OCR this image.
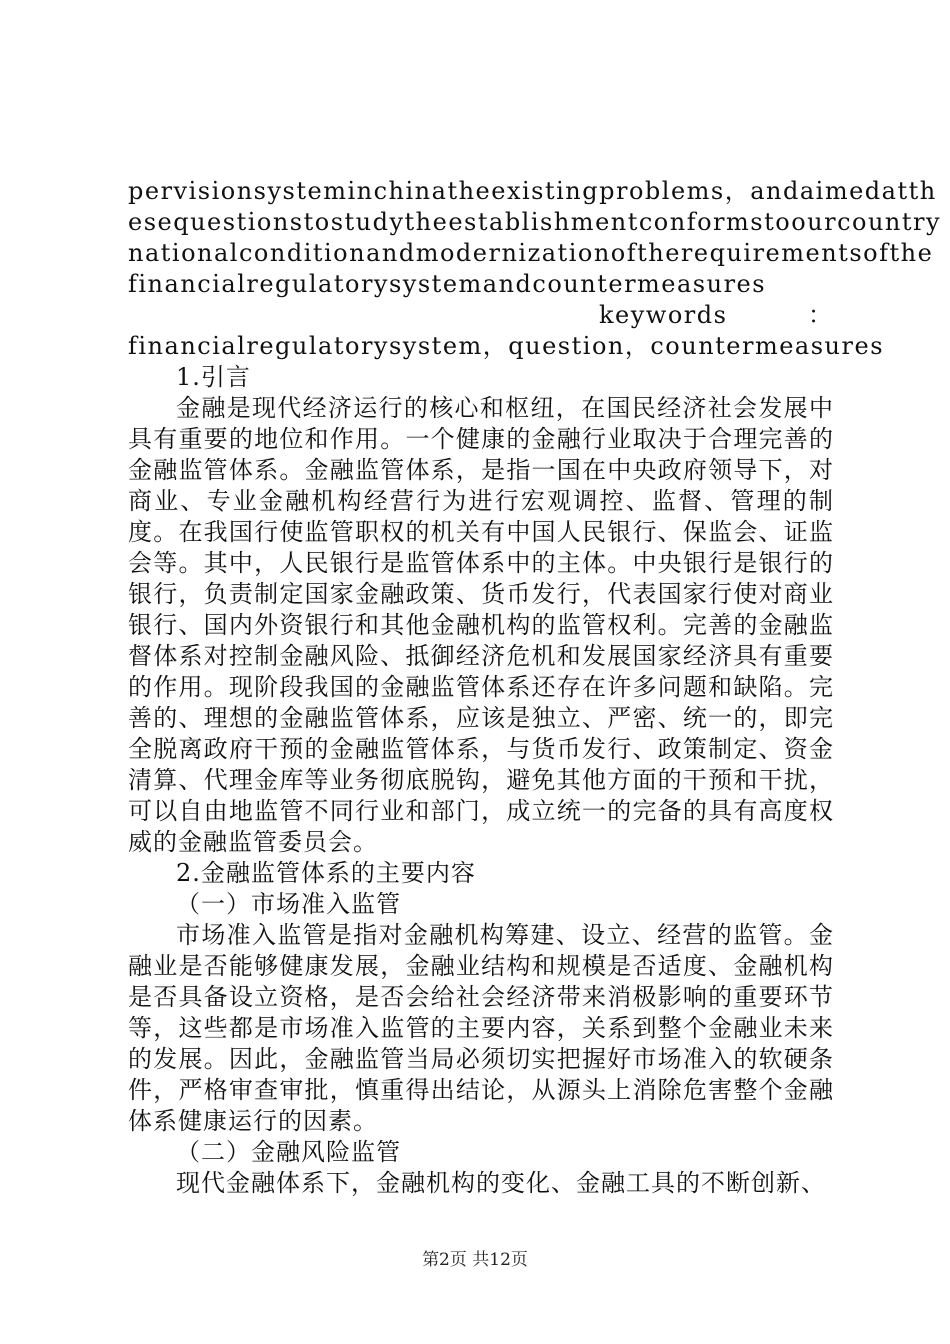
pervisionsysteminchinatheexistingproblems，andaimedatth
esequestionstostudytheestablishmentconformstoourcountry
nationalconditionandmodernizationoftherequirementsofthe
financialregulatorysystemandcountermeasures
keywords	：
financialregulatorysystem，question，countermeasures
1.引言
金融是现代经济运行的核心和枢纽，在国民经济社会发展中具有重要的地位和作用。一个健康的金融行业取决于合理完善的金融监管体系。金融监管体系，是指一国在中央政府领导下，对商业、专业金融机构经营行为进行宏观调控、监督、管理的制度。在我国行使监管职权的机关有中国人民银行、保监会、证监会等。其中，人民银行是监管体系中的主体。中央银行是银行的银行，负责制定国家金融政策、货币发行，代表国家行使对商业银行、国内外资银行和其他金融机构的监管权利。完善的金融监督体系对控制金融风险、抵御经济危机和发展国家经济具有重要的作用。现阶段我国的金融监管体系还存在许多问题和缺陷。完善的、理想的金融监管体系，应该是独立、严密、统一的，即完全脱离政府干预的金融监管体系，与货币发行、政策制定、资金清算、代理金库等业务彻底脱钩，避免其他方面的干预和干扰，可以自由地监管不同行业和部门，成立统一的完备的具有高度权威的金融监管委员会。
2.金融监管体系的主要内容
（一）市场准入监管
市场准入监管是指对金融机构筹建、设立、经营的监管。金融业是否能够健康发展，金融业结构和规模是否适度、金融机构是否具备设立资格，是否会给社会经济带来消极影响的重要环节等，这些都是市场准入监管的主要内容，关系到整个金融业未来的发展。因此，金融监管当局必须切实把握好市场准入的软硬条件，严格审查审批，慎重得出结论，从源头上消除危害整个金融体系健康运行的因素。
（二）金融风险监管
现代金融体系下，金融机构的变化、金融工具的不断创新、
第2页 共12页
